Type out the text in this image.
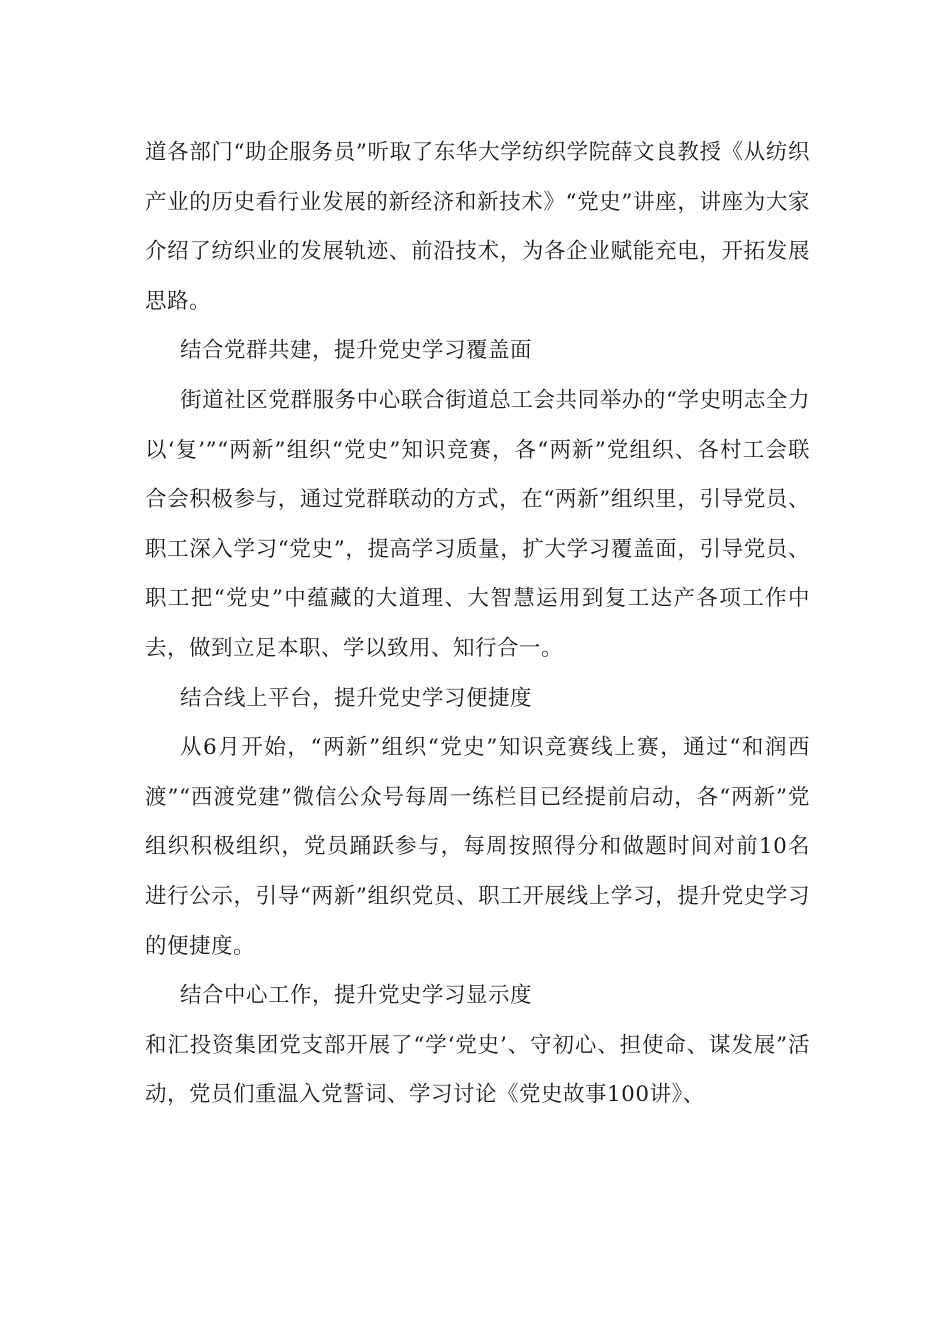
道各部门“助企服务员”听取了东华大学纺织学院薛文良教授《从纺织产业的历史看行业发展的新经济和新技术》“党史”讲座，讲座为大家介绍了纺织业的发展轨迹、前沿技术，为各企业赋能充电，开拓发展思路。

结合党群共建，提升党史学习覆盖面

街道社区党群服务中心联合街道总工会共同举办的“学史明志全力以‘复’”“两新”组织“党史”知识竞赛，各“两新”党组织、各村工会联合会积极参与，通过党群联动的方式，在“两新”组织里，引导党员、职工深入学习“党史”，提高学习质量，扩大学习覆盖面，引导党员、职工把“党史”中蕴藏的大道理、大智慧运用到复工达产各项工作中去，做到立足本职、学以致用、知行合一。

结合线上平台，提升党史学习便捷度

从6月开始，“两新”组织“党史”知识竞赛线上赛，通过“和润西渡”“西渡党建”微信公众号每周一练栏目已经提前启动，各“两新”党组织积极组织，党员踊跃参与，每周按照得分和做题时间对前10名进行公示，引导“两新”组织党员、职工开展线上学习，提升党史学习的便捷度。

结合中心工作，提升党史学习显示度

和汇投资集团党支部开展了“学‘党史’、守初心、担使命、谋发展”活动，党员们重温入党誓词、学习讨论《党史故事100讲》、
